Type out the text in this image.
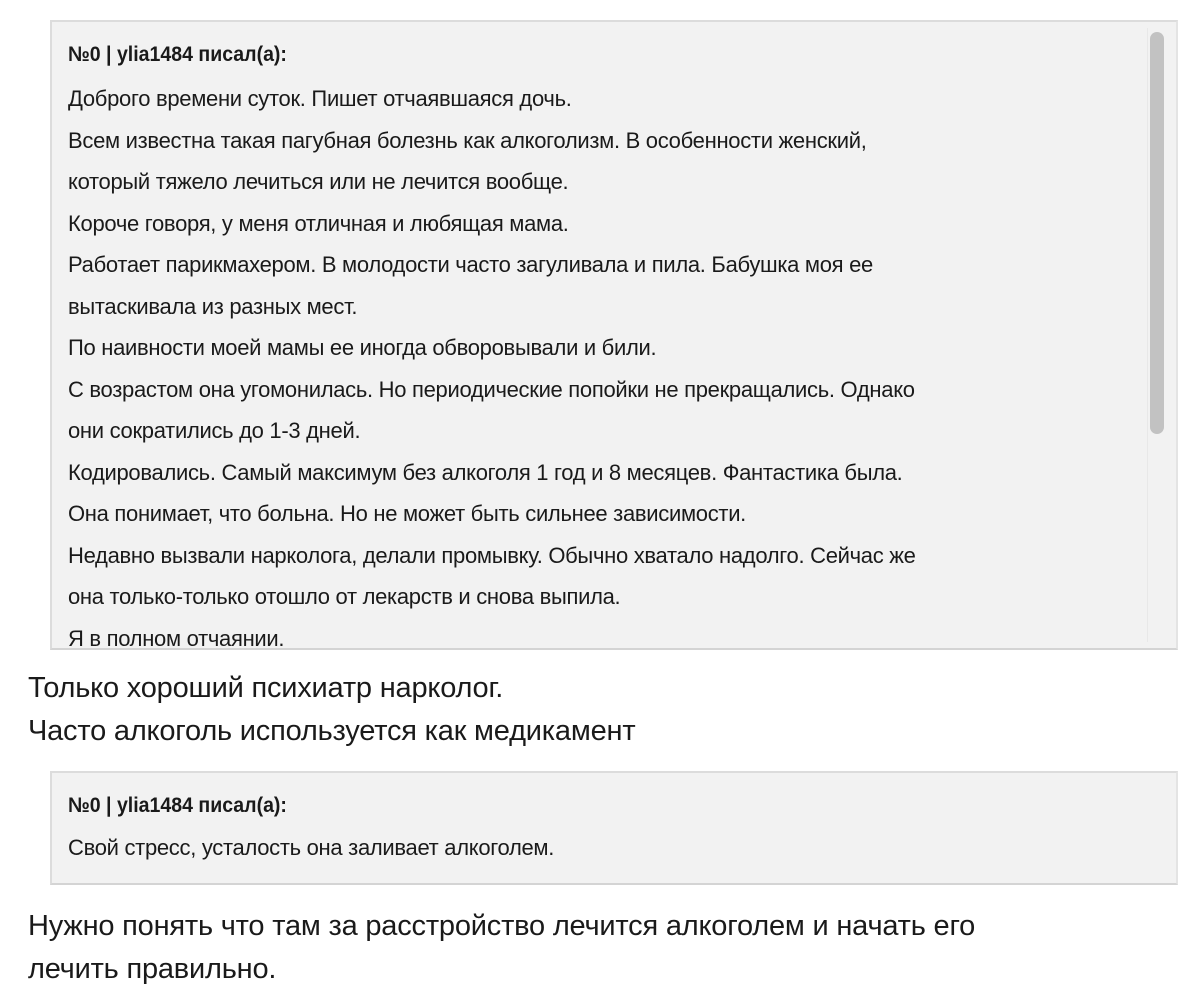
№0 | ylia1484 писал(а):
Доброго времени суток. Пишет отчаявшаяся дочь.
Всем известна такая пагубная болезнь как алкоголизм. В особенности женский,
который тяжело лечиться или не лечится вообще.
Короче говоря, у меня отличная и любящая мама.
Работает парикмахером. В молодости часто загуливала и пила. Бабушка моя ее
вытаскивала из разных мест.
По наивности моей мамы ее иногда обворовывали и били.
С возрастом она угомонилась. Но периодические попойки не прекращались. Однако
они сократились до 1-3 дней.
Кодировались. Самый максимум без алкоголя 1 год и 8 месяцев. Фантастика была.
Она понимает, что больна. Но не может быть сильнее зависимости.
Недавно вызвали нарколога, делали промывку. Обычно хватало надолго. Сейчас же
она только-только отошло от лекарств и снова выпила.
Я в полном отчаянии.
Только хороший психиатр нарколог.
Часто алкоголь используется как медикамент
№0 | ylia1484 писал(а):
Свой стресс, усталость она заливает алкоголем.
Нужно понять что там за расстройство лечится алкоголем и начать его
лечить правильно.
